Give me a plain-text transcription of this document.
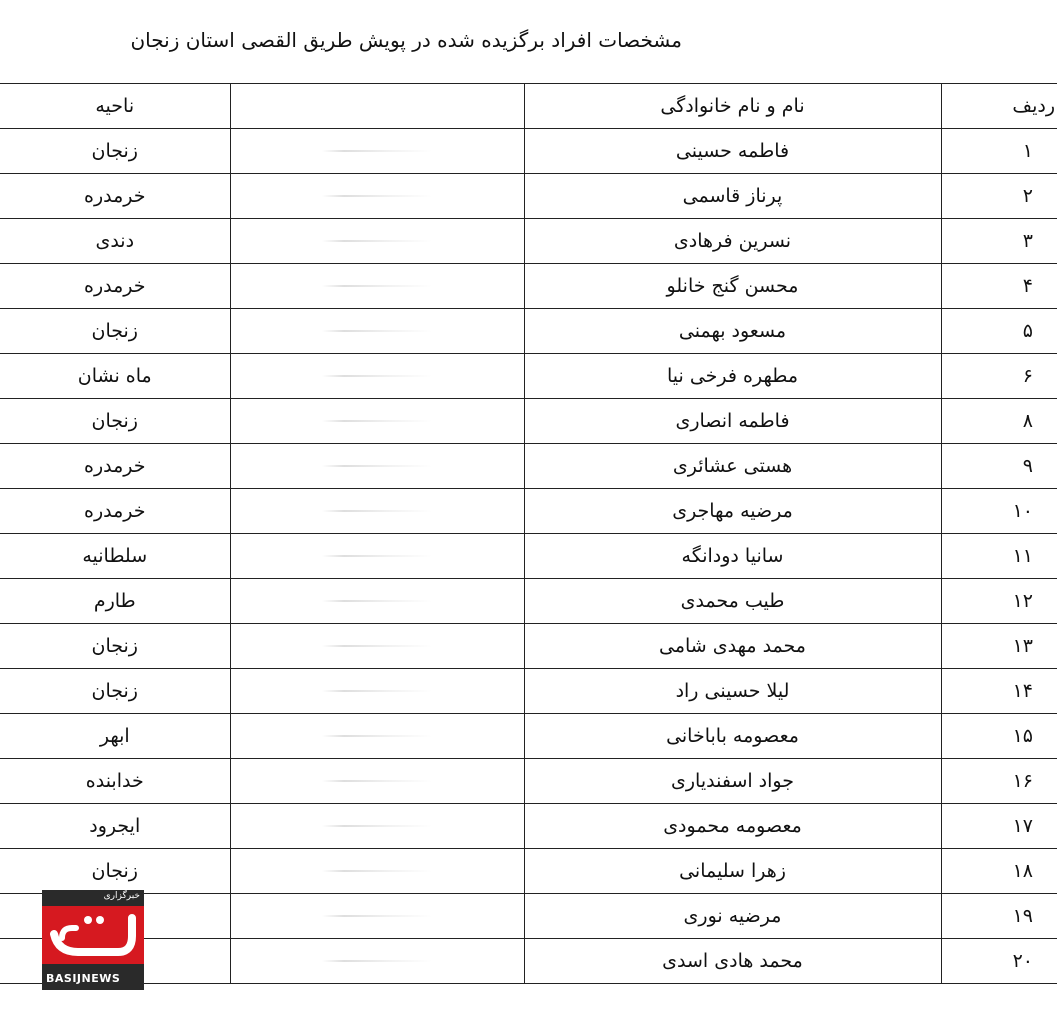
مشخصات افراد برگزیده شده در پویش طریق القصی استان زنجان
ردیف	نام و نام خانوادگی		ناحیه
۱	فاطمه حسینی		زنجان
۲	پرناز قاسمی		خرمدره
۳	نسرین فرهادی		دندی
۴	محسن گنج خانلو		خرمدره
۵	مسعود بهمنی		زنجان
۶	مطهره فرخی نیا		ماه نشان
۸	فاطمه انصاری		زنجان
۹	هستی عشائری		خرمدره
۱۰	مرضیه مهاجری		خرمدره
۱۱	سانیا دودانگه		سلطانیه
۱۲	طیب محمدی		طارم
۱۳	محمد مهدی شامی		زنجان
۱۴	لیلا حسینی راد		زنجان
۱۵	معصومه باباخانی		ابهر
۱۶	جواد اسفندیاری		خدابنده
۱۷	معصومه محمودی		ایجرود
۱۸	زهرا سلیمانی		زنجان
۱۹	مرضیه نوری	

۲۰	محمد هادی اسدی	

خبرگزاری
BASIJNEWS
